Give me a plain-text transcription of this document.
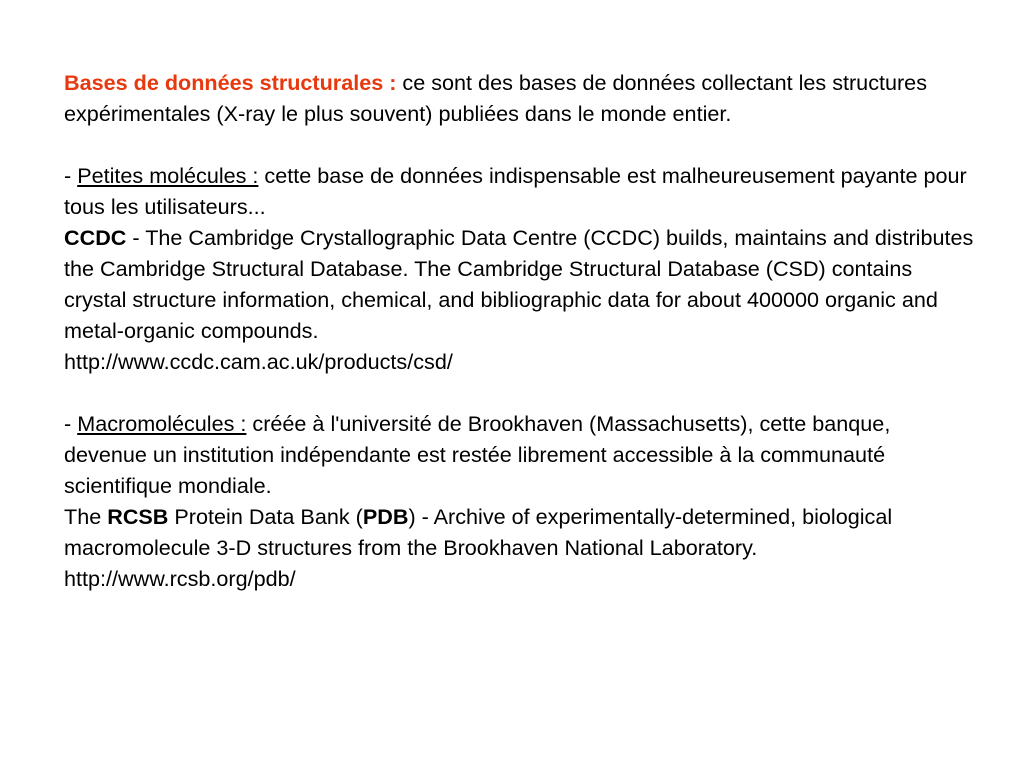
Bases de données structurales : ce sont des bases de données collectant les structures expérimentales (X-ray le plus souvent) publiées dans le monde entier.

- Petites molécules : cette base de données indispensable est malheureusement payante pour tous les utilisateurs...

CCDC - The Cambridge Crystallographic Data Centre (CCDC) builds, maintains and distributes the Cambridge Structural Database. The Cambridge Structural Database (CSD) contains crystal structure information, chemical, and bibliographic data for about 400000 organic and metal-organic compounds.

http://www.ccdc.cam.ac.uk/products/csd/

- Macromolécules : créée à l'université de Brookhaven (Massachusetts), cette banque, devenue un institution indépendante est restée librement accessible à la communauté scientifique mondiale.

The RCSB Protein Data Bank (PDB) - Archive of experimentally-determined, biological macromolecule 3-D structures from the Brookhaven National Laboratory.

http://www.rcsb.org/pdb/
